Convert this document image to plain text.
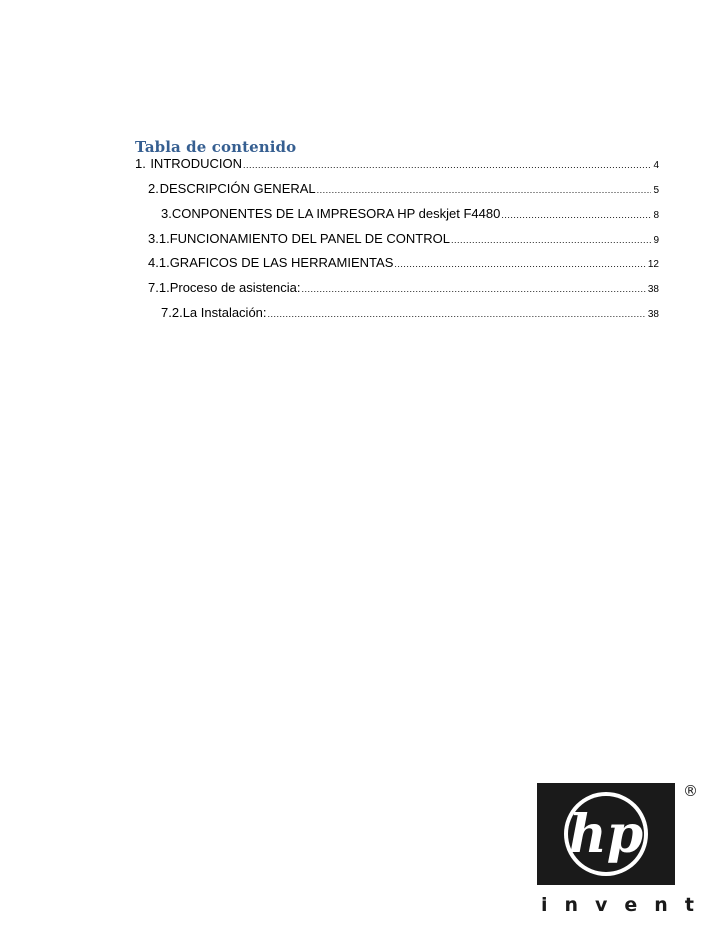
Tabla de contenido
1. INTRODUCION .....	4
2. DESCRIPCIÓN GENERAL .....	5
3. CONPONENTES DE LA IMPRESORA HP deskjet F4480 .....	8
3.1. FUNCIONAMIENTO DEL PANEL DE CONTROL .....	9
4.1. GRAFICOS DE LAS HERRAMIENTAS .....	12
7.1. Proceso de asistencia: .....	38
7.2. La Instalación: .....	38
hp
®
invent
